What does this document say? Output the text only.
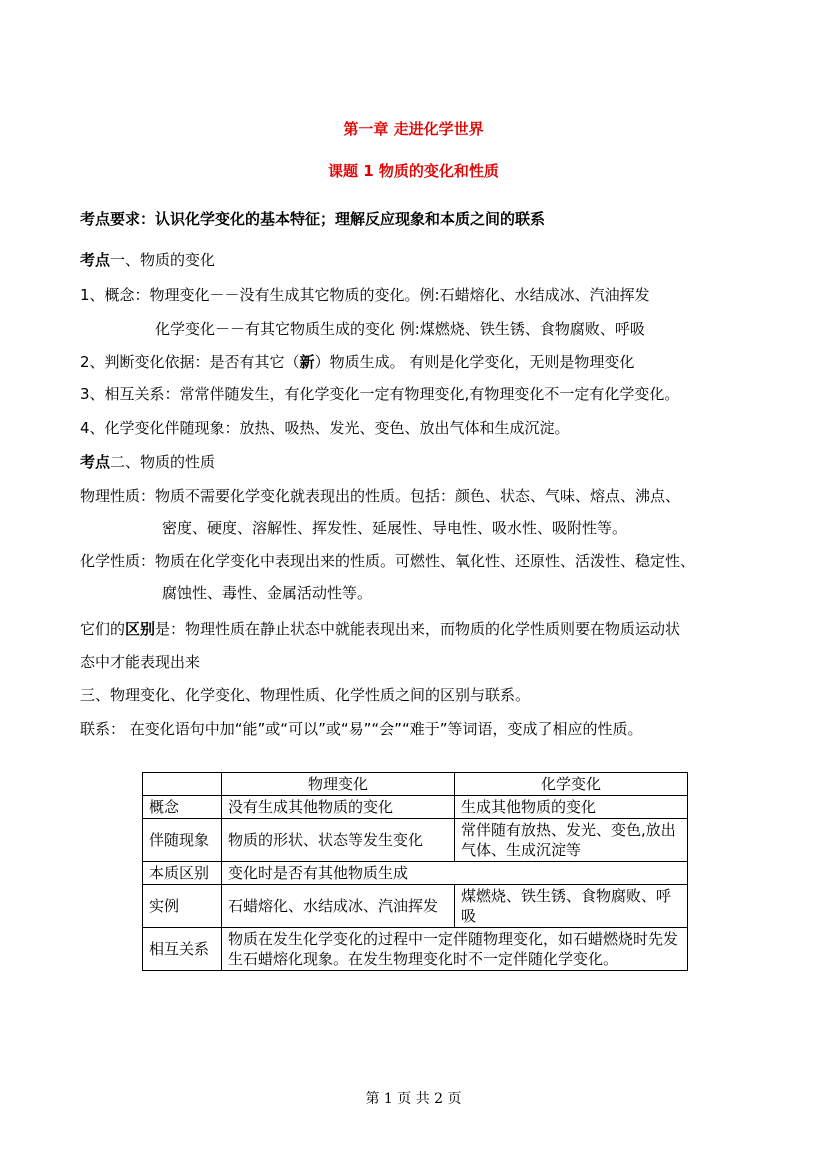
第一章 走进化学世界
课题 1 物质的变化和性质
考点要求：认识化学变化的基本特征；理解反应现象和本质之间的联系
考点一、物质的变化
1、概念：物理变化－－没有生成其它物质的变化。例:石蜡熔化、水结成冰、汽油挥发
化学变化－－有其它物质生成的变化 例:煤燃烧、铁生锈、食物腐败、呼吸
2、判断变化依据：是否有其它（新）物质生成。 有则是化学变化，无则是物理变化
3、相互关系：常常伴随发生，有化学变化一定有物理变化,有物理变化不一定有化学变化。
4、化学变化伴随现象：放热、吸热、发光、变色、放出气体和生成沉淀。
考点二、物质的性质
物理性质：物质不需要化学变化就表现出的性质。包括：颜色、状态、气味、熔点、沸点、
密度、硬度、溶解性、挥发性、延展性、导电性、吸水性、吸附性等。
化学性质：物质在化学变化中表现出来的性质。可燃性、氧化性、还原性、活泼性、稳定性、
腐蚀性、毒性、金属活动性等。
它们的区别是：物理性质在静止状态中就能表现出来，而物质的化学性质则要在物质运动状
态中才能表现出来
三、物理变化、化学变化、物理性质、化学性质之间的区别与联系。
联系： 在变化语句中加“能”或“可以”或“易”“会”“难于”等词语，变成了相应的性质。
	物理变化	化学变化
概念	没有生成其他物质的变化	生成其他物质的变化
伴随现象	物质的形状、状态等发生变化	常伴随有放热、发光、变色,放出气体、生成沉淀等
本质区别	变化时是否有其他物质生成	
实例	石蜡熔化、水结成冰、汽油挥发	煤燃烧、铁生锈、食物腐败、呼吸
相互关系	物质在发生化学变化的过程中一定伴随物理变化，如石蜡燃烧时先发生石蜡熔化现象。在发生物理变化时不一定伴随化学变化。	
第 1 页 共 2 页
